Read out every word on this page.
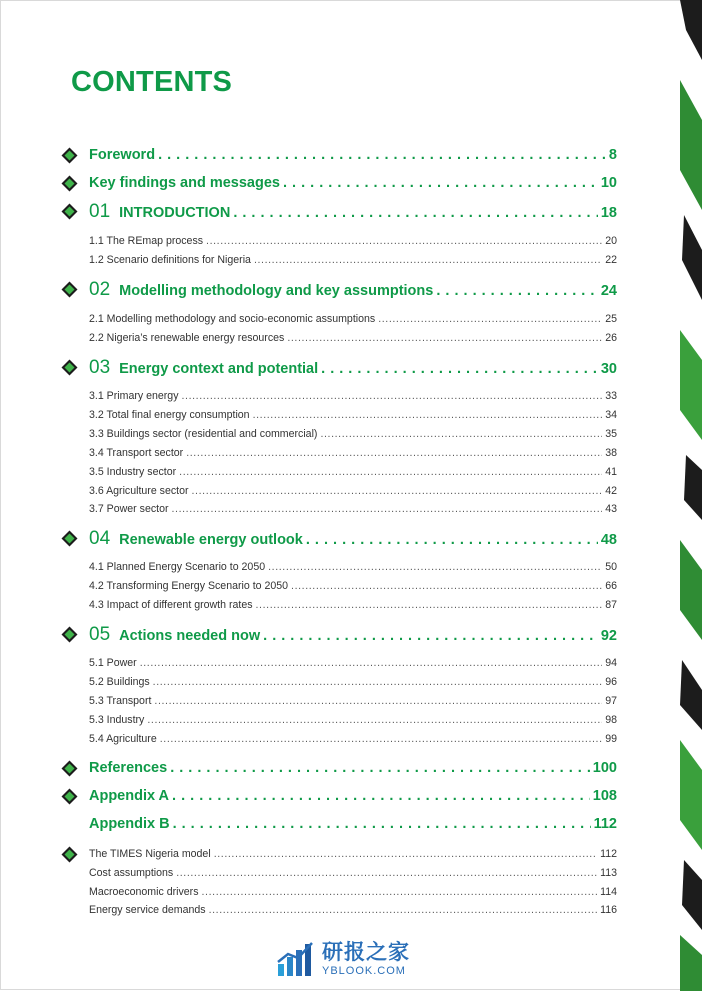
CONTENTS
Foreword . . .	8
Key findings and messages . . .	10
01 INTRODUCTION . . .	18
1.1 The REmap process .....	20
1.2 Scenario definitions for Nigeria .....	22
02 Modelling methodology and key assumptions . . .	24
2.1 Modelling methodology and socio-economic assumptions .....	25
2.2 Nigeria’s renewable energy resources .....	26
03 Energy context and potential . . .	30
3.1 Primary energy .....	33
3.2 Total final energy consumption .....	34
3.3 Buildings sector (residential and commercial) .....	35
3.4 Transport sector .....	38
3.5 Industry sector .....	41
3.6 Agriculture sector .....	42
3.7 Power sector .....	43
04 Renewable energy outlook . . .	48
4.1 Planned Energy Scenario to 2050 .....	50
4.2 Transforming Energy Scenario to 2050 .....	66
4.3 Impact of different growth rates .....	87
05 Actions needed now . . .	92
5.1 Power .....	94
5.2 Buildings .....	96
5.3 Transport .....	97
5.3 Industry .....	98
5.4 Agriculture .....	99
References . . .	100
Appendix A . . .	108
Appendix B . . .	112
The TIMES Nigeria model .....	112
Cost assumptions .....	113
Macroeconomic drivers .....	114
Energy service demands .....	116
研报之家
YBLOOK.COM
